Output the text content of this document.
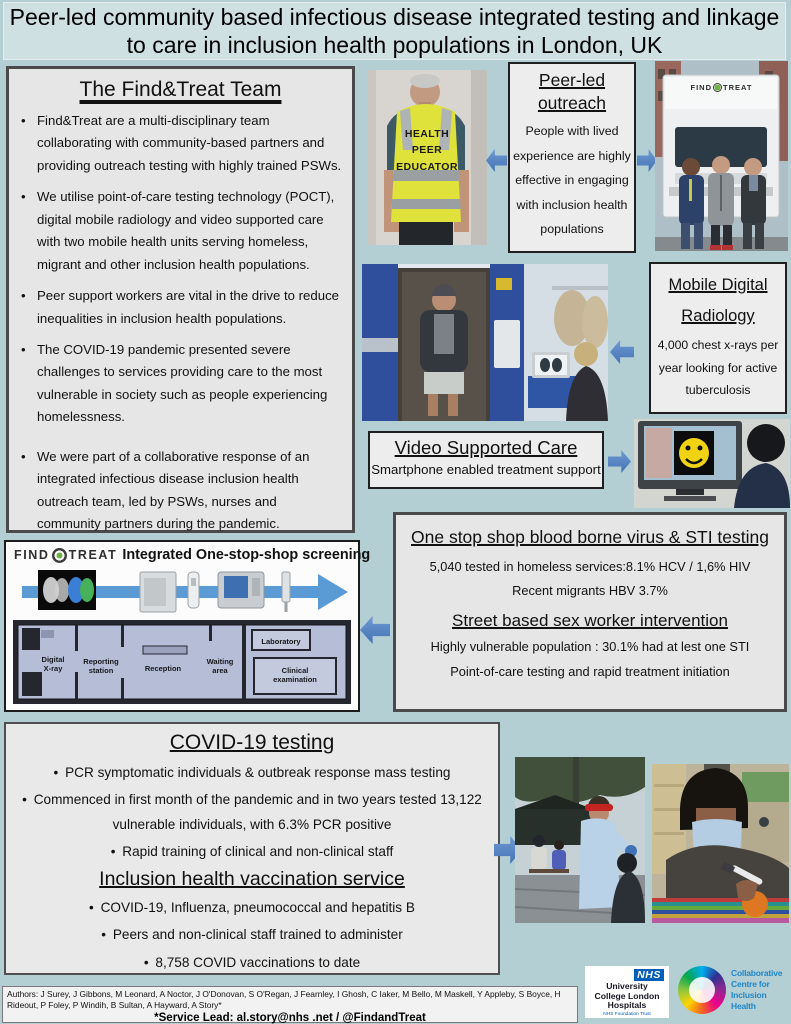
Peer-led community based infectious disease integrated testing and linkage to care in inclusion health populations in London, UK
The Find&Treat Team
• Find&Treat are a multi-disciplinary team collaborating with community-based partners and providing outreach testing with highly trained PSWs.
• We utilise point-of-care testing technology (POCT), digital mobile radiology and video supported care with two mobile health units serving homeless, migrant and other inclusion health populations.
• Peer support workers are vital in the drive to reduce inequalities in inclusion health populations.
• The COVID-19 pandemic presented severe challenges to services providing care to the most vulnerable in society such as people experiencing homelessness.
• We were part of a collaborative response of an integrated infectious disease inclusion health outreach team, led by PSWs, nurses and community partners during the pandemic.
HEALTH PEER EDUCATOR
Peer-led outreach

People with lived experience are highly effective in engaging with inclusion health populations

FIND TREAT
Mobile Digital Radiology

4,000 chest x-rays per year looking for active tuberculosis

Video Supported Care

Smartphone enabled treatment support

One stop shop blood borne virus & STI testing

5,040 tested in homeless services:8.1% HCV / 1,6% HIV

Recent migrants HBV 3.7%

Street based sex worker intervention

Highly vulnerable population : 30.1% had at lest one STI

Point-of-care testing and rapid treatment initiation

FIND TREAT Integrated One-stop-shop screening
Digital X-ray
Reporting station	Reception
Waiting area
Laboratory
Clinical examination
COVID-19 testing
• PCR symptomatic individuals & outbreak response mass testing
• Commenced in first month of the pandemic and in two years tested 13,122 vulnerable individuals, with 6.3% PCR positive
• Rapid training of clinical and non-clinical staff
Inclusion health vaccination service
• COVID-19, Influenza, pneumococcal and hepatitis B
• Peers and non-clinical staff trained to administer
• 8,758 COVID vaccinations to date

Authors: J Surey, J Gibbons, M Leonard, A Noctor, J O'Donovan, S O'Regan, J Fearnley, I Ghosh, C Iaker, M Bello, M Maskell, Y Appleby, S Boyce, H Rideout, P Foley, P Windih, B Sultan, A Hayward, A Story*

*Service Lead: al.story@nhs .net / @FindandTreat

NHS
University College London Hospitals
NHS Foundation Trust
Collaborative Centre for Inclusion Health
